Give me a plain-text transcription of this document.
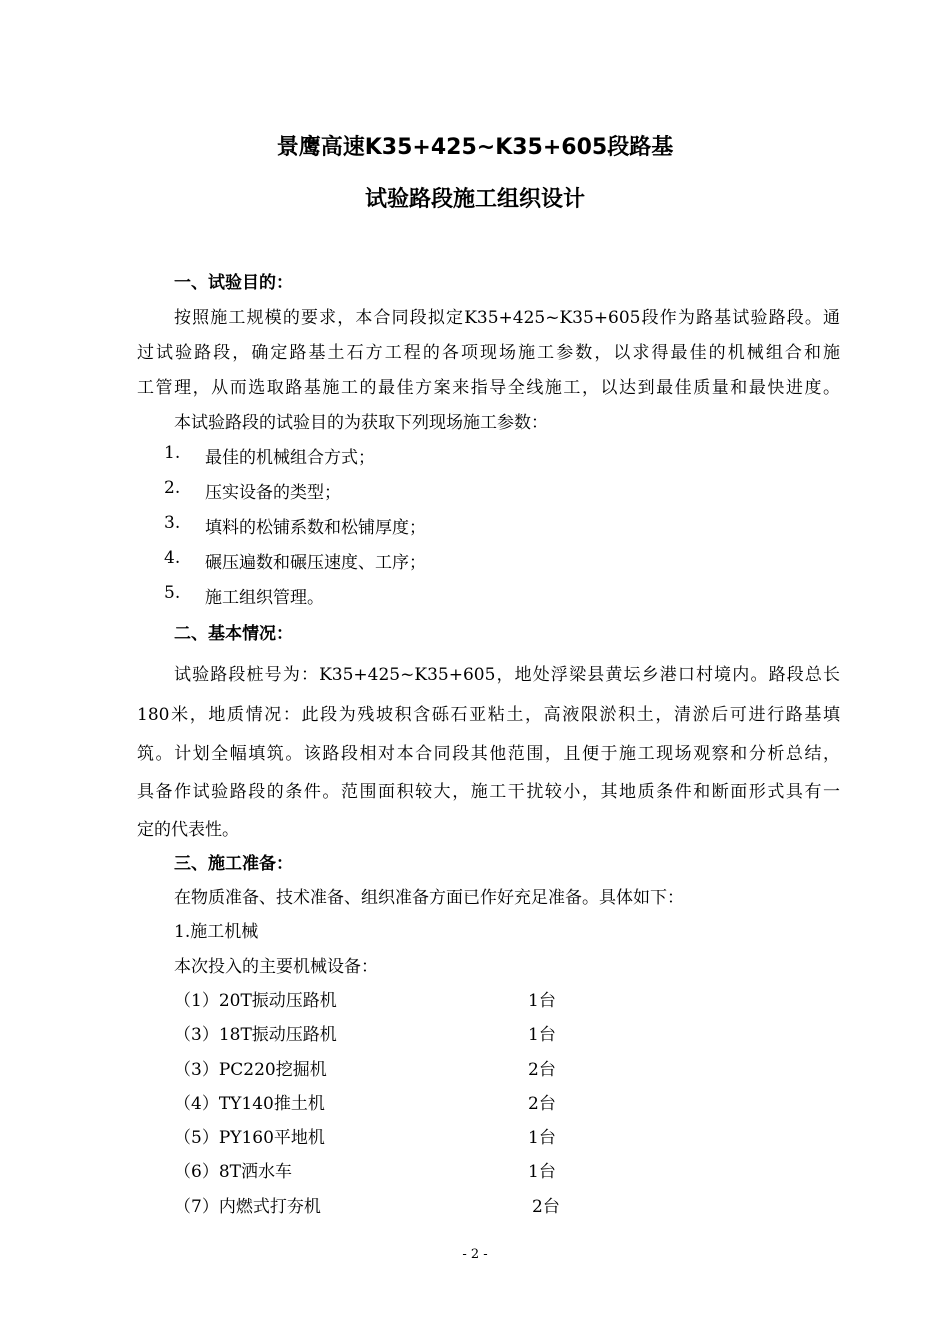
景鹰高速K35+425~K35+605段路基
试验路段施工组织设计
一、试验目的：
按照施工规模的要求，本合同段拟定K35+425~K35+605段作为路基试验路段。通
过试验路段，确定路基土石方工程的各项现场施工参数，以求得最佳的机械组合和施
工管理，从而选取路基施工的最佳方案来指导全线施工，以达到最佳质量和最快进度。
本试验路段的试验目的为获取下列现场施工参数：
1. 最佳的机械组合方式；
2. 压实设备的类型；
3. 填料的松铺系数和松铺厚度；
4. 碾压遍数和碾压速度、工序；
5. 施工组织管理。
二、基本情况：
试验路段桩号为：K35+425~K35+605，地处浮梁县黄坛乡港口村境内。路段总长
180米，地质情况：此段为残坡积含砾石亚粘土，高液限淤积土，清淤后可进行路基填
筑。计划全幅填筑。该路段相对本合同段其他范围，且便于施工现场观察和分析总结，
具备作试验路段的条件。范围面积较大，施工干扰较小，其地质条件和断面形式具有一
定的代表性。
三、施工准备：
在物质准备、技术准备、组织准备方面已作好充足准备。具体如下：
1.施工机械
本次投入的主要机械设备：
（1）20T振动压路机	1台
（3）18T振动压路机	1台
（3）PC220挖掘机	2台
（4）TY140推土机	2台
（5）PY160平地机	1台
（6）8T洒水车	1台
（7）内燃式打夯机	2台
- 2 -
